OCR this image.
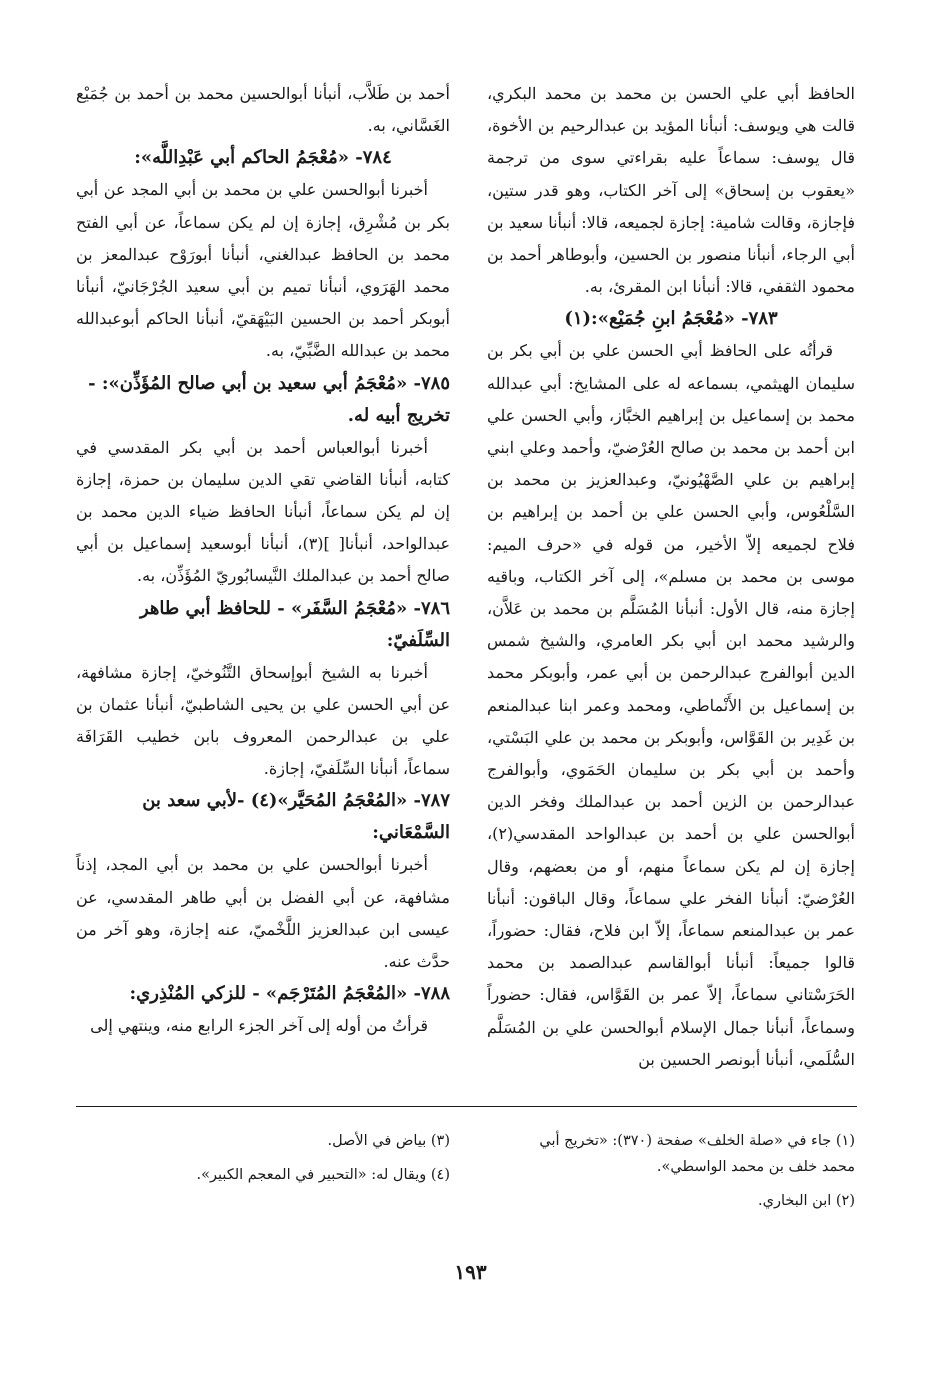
الحافظ أبي علي الحسن بن محمد بن محمد البكري، قالت هي ويوسف: أنبأنا المؤيد بن عبدالرحيم بن الأخوة، قال يوسف: سماعاً عليه بقراءتي سوى من ترجمة «يعقوب بن إسحاق» إلى آخر الكتاب، وهو قدر ستين، فإجازة، وقالت شامية: إجازة لجميعه، قالا: أنبأنا سعيد بن أبي الرجاء، أنبأنا منصور بن الحسين، وأبوطاهر أحمد بن محمود الثقفي، قالا: أنبأنا ابن المقرئ، به.

٧٨٣- «مُعْجَمُ ابنِ جُمَيْع»:(١)

قرأتُه على الحافظ أبي الحسن علي بن أبي بكر بن سليمان الهيثمي، بسماعه له على المشايخ: أبي عبدالله محمد بن إسماعيل بن إبراهيم الخبَّاز، وأبي الحسن علي ابن أحمد بن محمد بن صالح العُرْضيّ، وأحمد وعلي ابني إبراهيم بن علي الصَّهْيُونيّ، وعبدالعزيز بن محمد بن السَّلْعُوس، وأبي الحسن علي بن أحمد بن إبراهيم بن فلاح لجميعه إلاّ الأخير، من قوله في «حرف الميم: موسى بن محمد بن مسلم»، إلى آخر الكتاب، وباقيه إجازة منه، قال الأول: أنبأنا المُسَلَّم بن محمد بن عَلاَّن، والرشيد محمد ابن أبي بكر العامري، والشيخ شمس الدين أبوالفرج عبدالرحمن بن أبي عمر، وأبوبكر محمد بن إسماعيل بن الأَنْماطي، ومحمد وعمر ابنا عبدالمنعم بن غَدِير بن القَوَّاس، وأبوبكر بن محمد بن علي البَسْتي، وأحمد بن أبي بكر بن سليمان الحَمَوي، وأبوالفرج عبدالرحمن بن الزين أحمد بن عبدالملك وفخر الدين أبوالحسن علي بن أحمد بن عبدالواحد المقدسي(٢)، إجازة إن لم يكن سماعاً منهم، أو من بعضهم، وقال العُرْضيّ: أنبأنا الفخر علي سماعاً، وقال الباقون: أنبأنا عمر بن عبدالمنعم سماعاً، إلاّ ابن فلاح، فقال: حضوراً، قالوا جميعاً: أنبأنا أبوالقاسم عبدالصمد بن محمد الحَرَسْتاني سماعاً، إلاّ عمر بن القَوَّاس، فقال: حضوراً وسماعاً، أنبأنا جمال الإسلام أبوالحسن علي بن المُسَلَّم السُّلَمي، أنبأنا أبونصر الحسين بن

أحمد بن طَلاَّب، أنبأنا أبوالحسين محمد بن أحمد بن جُمَيْع الغَسَّاني، به.

٧٨٤- «مُعْجَمُ الحاكم أبي عَبْدِاللَّه»:

أخبرنا أبوالحسن علي بن محمد بن أبي المجد عن أبي بكر بن مُشْرِق، إجازة إن لم يكن سماعاً، عن أبي الفتح محمد بن الحافظ عبدالغني، أنبأنا أبورَوْح عبدالمعز بن محمد الهَرَوي، أنبأنا تميم بن أبي سعيد الجُرْجَانيّ، أنبأنا أبوبكر أحمد بن الحسين البَيْهَقيّ، أنبأنا الحاكم أبوعبدالله محمد بن عبدالله الضَّبِّيّ، به.

٧٨٥- «مُعْجَمُ أبي سعيد بن أبي صالح المُؤَذِّن»: - تخريج أبيه له.

أخبرنا أبوالعباس أحمد بن أبي بكر المقدسي في كتابه، أنبأنا القاضي تقي الدين سليمان بن حمزة، إجازة إن لم يكن سماعاً، أنبأنا الحافظ ضياء الدين محمد بن عبدالواحد، أنبأنا[ ](٣)، أنبأنا أبوسعيد إسماعيل بن أبي صالح أحمد بن عبدالملك النَّيسابُوريّ المُؤَذِّن، به.

٧٨٦- «مُعْجَمُ السَّفَر» - للحافظ أبي طاهر السِّلَفيّ:

أخبرنا به الشيخ أبوإسحاق التَّنُوخيّ، إجازة مشافهة، عن أبي الحسن علي بن يحيى الشاطبيّ، أنبأنا عثمان بن علي بن عبدالرحمن المعروف بابن خطيب القَرَافَة سماعاً، أنبأنا السِّلَفيّ، إجازة.

٧٨٧- «المُعْجَمُ المُحَيَّر»(٤) -لأبي سعد بن السَّمْعَاني:

أخبرنا أبوالحسن علي بن محمد بن أبي المجد، إذناً مشافهة، عن أبي الفضل بن أبي طاهر المقدسي، عن عيسى ابن عبدالعزيز اللَّخْميّ، عنه إجازة، وهو آخر من حدَّث عنه.

٧٨٨- «المُعْجَمُ المُتَرْجَم» - للزكي المُنْذِري:

قرأتُ من أوله إلى آخر الجزء الرابع منه، وينتهي إلى

(١) جاء في «صلة الخلف» صفحة (٣٧٠): «تخريج أبي محمد خلف بن محمد الواسطي».
(٢) ابن البخاري.
(٣) بياض في الأصل.
(٤) ويقال له: «التحبير في المعجم الكبير».
١٩٣
